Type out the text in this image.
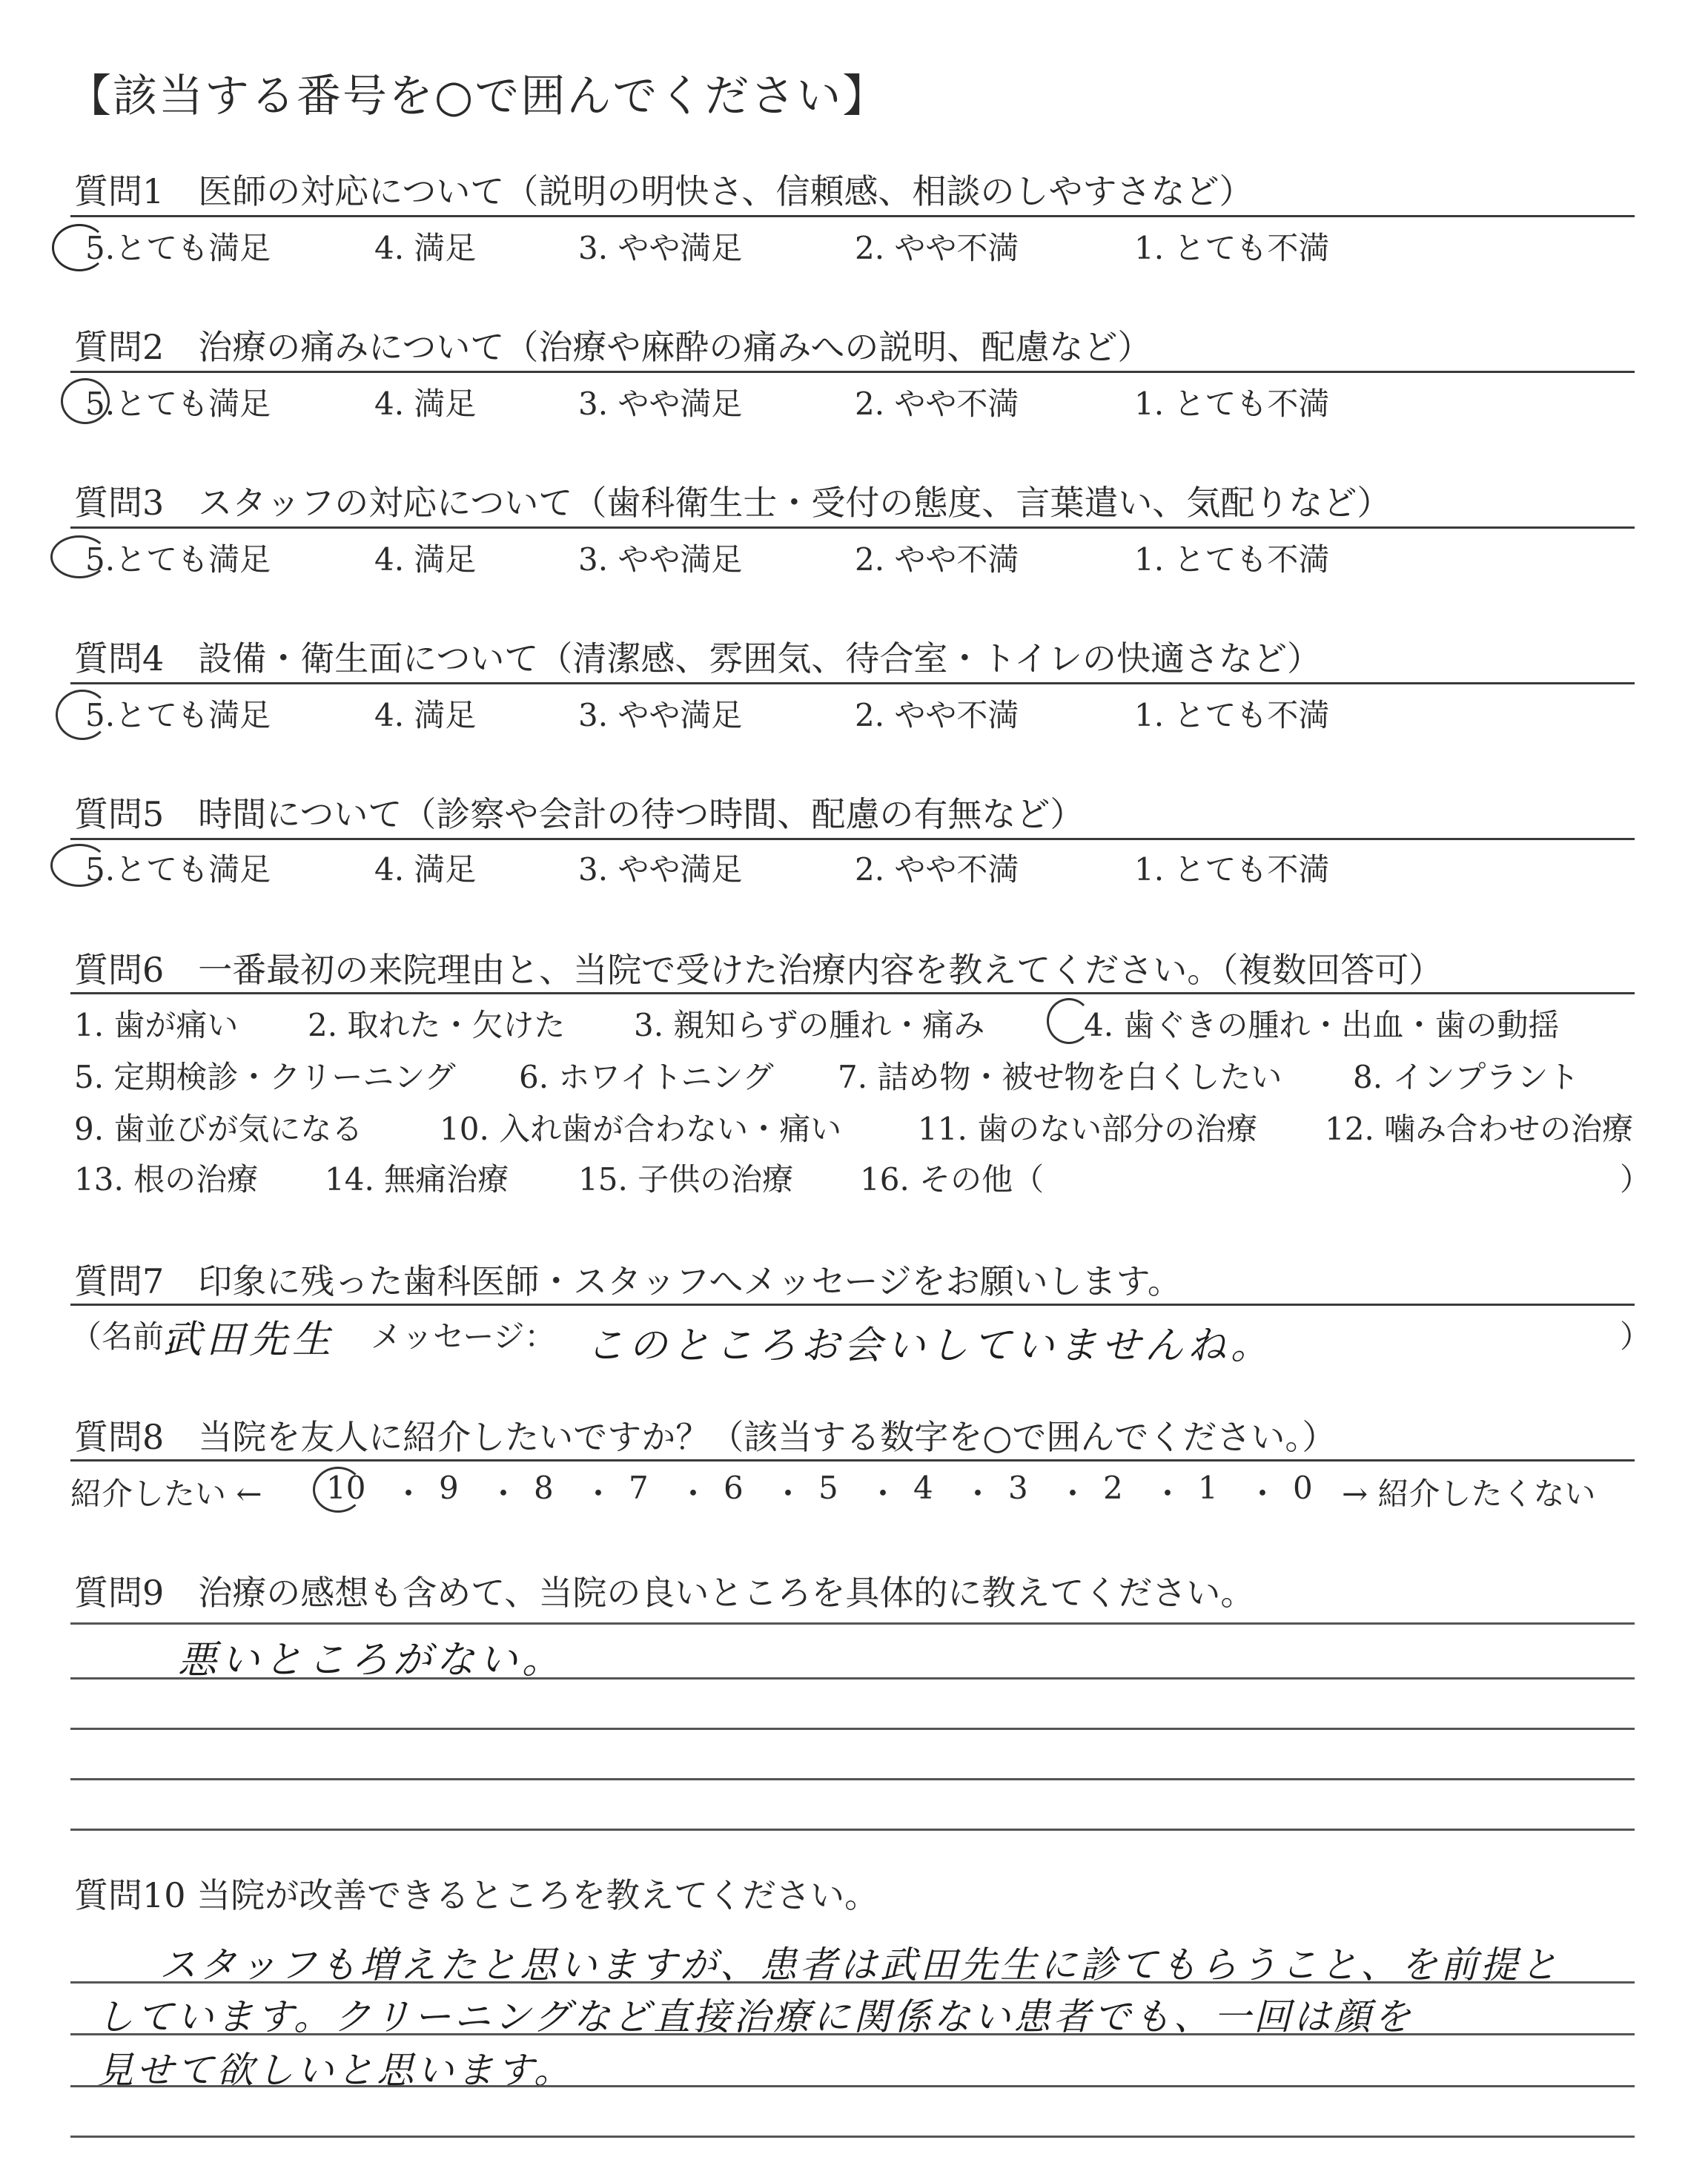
【該当する番号を○で囲んでください】
質問1　医師の対応について（説明の明快さ、信頼感、相談のしやすさなど）
5.とても満足	4. 満足	3. やや満足	2. やや不満	1. とても不満
質問2　治療の痛みについて（治療や麻酔の痛みへの説明、配慮など）
5.とても満足	4. 満足	3. やや満足	2. やや不満	1. とても不満
質問3　スタッフの対応について（歯科衛生士・受付の態度、言葉遣い、気配りなど）
5.とても満足	4. 満足	3. やや満足	2. やや不満	1. とても不満
質問4　設備・衛生面について（清潔感、雰囲気、待合室・トイレの快適さなど）
5.とても満足	4. 満足	3. やや満足	2. やや不満	1. とても不満
質問5　時間について（診察や会計の待つ時間、配慮の有無など）
5.とても満足	4. 満足	3. やや満足	2. やや不満	1. とても不満
質問6　一番最初の来院理由と、当院で受けた治療内容を教えてください。（複数回答可）
1. 歯が痛い 2. 取れた・欠けた 3. 親知らずの腫れ・痛み	4. 歯ぐきの腫れ・出血・歯の動揺
5. 定期検診・クリーニング 6. ホワイトニング 7. 詰め物・被せ物を白くしたい 8. インプラント
9. 歯並びが気になる 10. 入れ歯が合わない・痛い 11. 歯のない部分の治療 12. 噛み合わせの治療
13. 根の治療 14. 無痛治療 15. 子供の治療 16. その他（	）
質問7　印象に残った歯科医師・スタッフへメッセージをお願いします。
（名前：
武田先生 メッセージ： このところお会いしていませんね。	）
質問8　当院を友人に紹介したいですか？（該当する数字を○で囲んでください。）
紹介したい ← 10 ・ 9 ・ 8 ・ 7 ・ 6 ・ 5 ・ 4 ・ 3 ・ 2 ・ 1 ・ 0 → 紹介したくない
質問9　治療の感想も含めて、当院の良いところを具体的に教えてください。
悪いところがない。
質問10 当院が改善できるところを教えてください。
スタッフも増えたと思いますが、患者は武田先生に診てもらうこと、を前提と
しています。クリーニングなど直接治療に関係ない患者でも、一回は顔を
見せて欲しいと思います。
